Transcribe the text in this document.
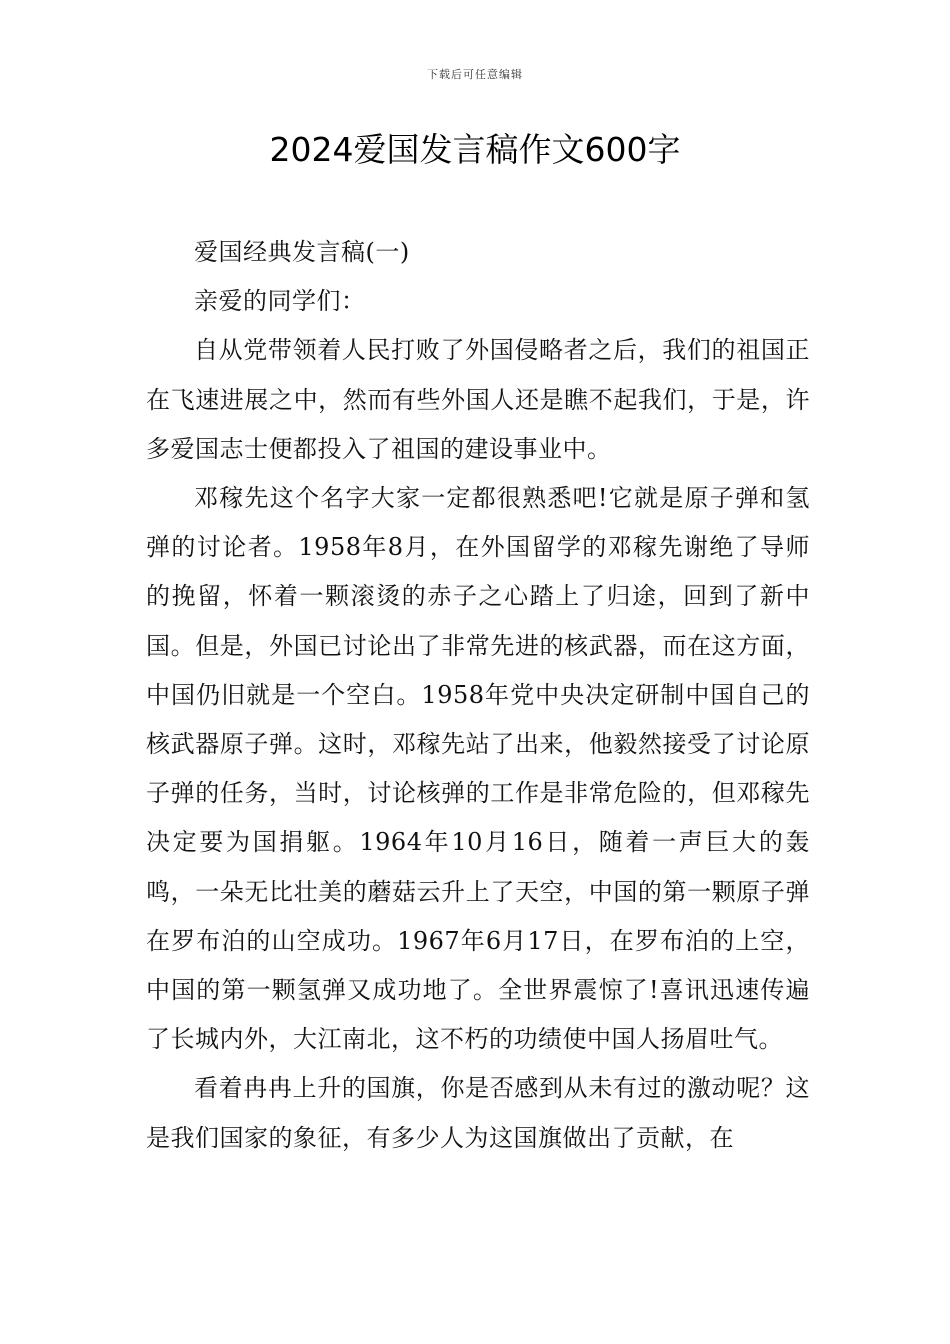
下载后可任意编辑
2024爱国发言稿作文600字

爱国经典发言稿(一)

亲爱的同学们：

自从党带领着人民打败了外国侵略者之后，我们的祖国正在飞速进展之中，然而有些外国人还是瞧不起我们，于是，许多爱国志士便都投入了祖国的建设事业中。

邓稼先这个名字大家一定都很熟悉吧!它就是原子弹和氢弹的讨论者。1958年8月，在外国留学的邓稼先谢绝了导师的挽留，怀着一颗滚烫的赤子之心踏上了归途，回到了新中国。但是，外国已讨论出了非常先进的核武器，而在这方面，中国仍旧就是一个空白。1958年党中央决定研制中国自己的核武器原子弹。这时，邓稼先站了出来，他毅然接受了讨论原子弹的任务，当时，讨论核弹的工作是非常危险的，但邓稼先决定要为国捐躯。1964年10月16日，随着一声巨大的轰鸣，一朵无比壮美的蘑菇云升上了天空，中国的第一颗原子弹在罗布泊的山空成功。1967年6月17日，在罗布泊的上空，中国的第一颗氢弹又成功地了。全世界震惊了!喜讯迅速传遍了长城内外，大江南北，这不朽的功绩使中国人扬眉吐气。

看着冉冉上升的国旗，你是否感到从未有过的激动呢？这是我们国家的象征，有多少人为这国旗做出了贡献，在
